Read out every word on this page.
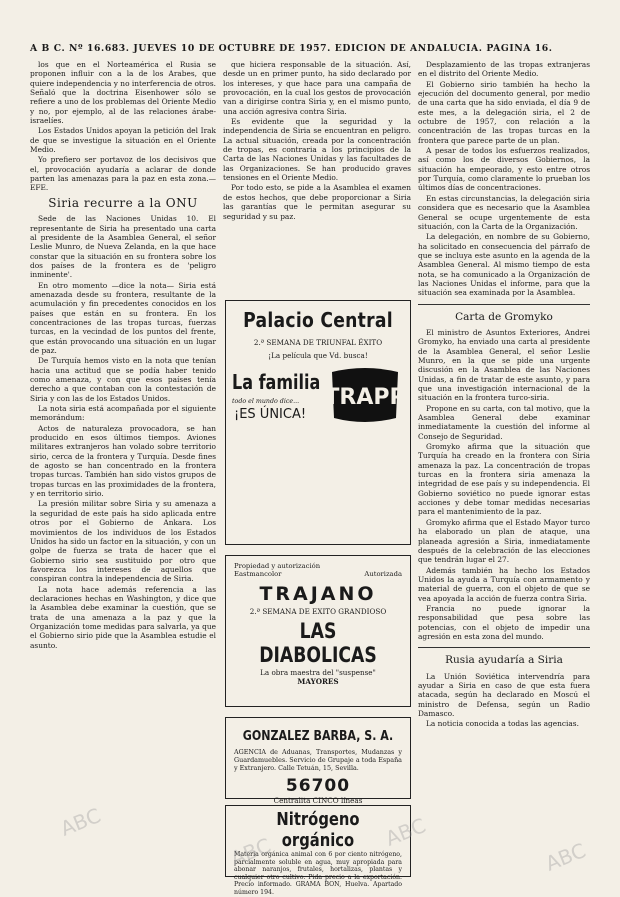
A B C. Nº 16.683. JUEVES 10 DE OCTUBRE DE 1957. EDICION DE ANDALUCIA. PAGINA 16.

los que en el Norteamérica el Rusia se proponen influir con a la de los Arabes, que quiere independencia y no interferencia de otros. Señaló que la doctrina Eisenhower sólo se refiere a uno de los problemas del Oriente Medio y no, por ejemplo, al de las relaciones árabe-israelíes.

Los Estados Unidos apoyan la petición del Irak de que se investigue la situación en el Oriente Medio.

Yo prefiero ser portavoz de los decisivos que el, provocación ayudaría a aclarar de donde parten las amenazas para la paz en esta zona.—EFE.

Siria recurre a la ONU

Sede de las Naciones Unidas 10. El representante de Siria ha presentado una carta al presidente de la Asamblea General, el señor Leslie Munro, de Nueva Zelanda, en la que hace constar que la situación en su frontera sobre los dos países de la frontera es de 'peligro inminente'.

En otro momento —dice la nota— Siria está amenazada desde su frontera, resultante de la acumulación y fin precedentes conocidos en los países que están en su frontera. En los concentraciones de las tropas turcas, fuerzas turcas, en la vecindad de los puntos del frente, que están provocando una situación en un lugar de paz.

De Turquía hemos visto en la nota que tenían hacia una actitud que se podía haber tenido como amenaza, y con que esos países tenía derecho a que contaban con la contestación de Siria y con las de los Estados Unidos.

La nota siria está acompañada por el siguiente memorándum:

Actos de naturaleza provocadora, se han producido en esos últimos tiempos. Aviones militares extranjeros han volado sobre territorio sirio, cerca de la frontera y Turquía. Desde fines de agosto se han concentrado en la frontera tropas turcas. También han sido vistos grupos de tropas turcas en las proximidades de la frontera, y en territorio sirio.

La presión militar sobre Siria y su amenaza a la seguridad de este país ha sido aplicada entre otros por el Gobierno de Ankara. Los movimientos de los individuos de los Estados Unidos ha sido un factor en la situación, y con un golpe de fuerza se trata de hacer que el Gobierno sirio sea sustituido por otro que favorezca los intereses de aquellos que conspiran contra la independencia de Siria.

La nota hace además referencia a las declaraciones hechas en Washington, y dice que la Asamblea debe examinar la cuestión, que se trata de una amenaza a la paz y que la Organización tome medidas para salvarla, ya que el Gobierno sirio pide que la Asamblea estudie el asunto.

que hiciera responsable de la situación. Así, desde un en primer punto, ha sido declarado por los intereses, y que hace para una campaña de provocación, en la cual los gestos de provocación van a dirigirse contra Siria y, en el mismo punto, una acción agresiva contra Siria.

Es evidente que la seguridad y la independencia de Siria se encuentran en peligro. La actual situación, creada por la concentración de tropas, es contraria a los principios de la Carta de las Naciones Unidas y las facultades de las Organizaciones. Se han producido graves tensiones en el Oriente Medio.

Por todo esto, se pide a la Asamblea el examen de estos hechos, que debe proporcionar a Siria las garantías que le permitan asegurar su seguridad y su paz.

Palacio Central
2.ª SEMANA DE TRIUNFAL ÉXITO
¡La película que Vd. busca!
La familia
todo el mundo dice...
¡ES ÚNICA!
TRAPP
Propiedad y autorización
Eastmancolor	Autorizada
TRAJANO
2.ª SEMANA DE EXITO GRANDIOSO
LAS DIABOLICAS
La obra maestra del "suspense"
MAYORES
GONZALEZ BARBA, S. A.
AGENCIA de Aduanas, Transportes, Mudanzas y Guardamuebles. Servicio de Grupaje a toda España y Extranjero. Calle Tetuán, 15, Sevilla.
56700
Centralita CINCO líneas
Nitrógeno orgánico
Materia orgánica animal con 6 por ciento nitrógeno, parcialmente soluble en agua, muy apropiada para abonar naranjos, frutales, hortalizas, plantas y cualquier otro cultivo. Pida precio a la exportación. Precio informado. GRAMA BON, Huelva. Apartado número 194.

Desplazamiento de las tropas extranjeras en el distrito del Oriente Medio.

El Gobierno sirio también ha hecho la ejecución del documento general, por medio de una carta que ha sido enviada, el día 9 de este mes, a la delegación siria, el 2 de octubre de 1957, con relación a la concentración de las tropas turcas en la frontera que parece parte de un plan.

A pesar de todos los esfuerzos realizados, así como los de diversos Gobiernos, la situación ha empeorado, y esto entre otros por Turquía, como claramente lo prueban los últimos días de concentraciones.

En estas circunstancias, la delegación siria considera que es necesario que la Asamblea General se ocupe urgentemente de esta situación, con la Carta de la Organización.

La delegación, en nombre de su Gobierno, ha solicitado en consecuencia del párrafo de que se incluya este asunto en la agenda de la Asamblea General. Al mismo tiempo de esta nota, se ha comunicado a la Organización de las Naciones Unidas el informe, para que la situación sea examinada por la Asamblea.

Carta de Gromyko

El ministro de Asuntos Exteriores, Andrei Gromyko, ha enviado una carta al presidente de la Asamblea General, el señor Leslie Munro, en la que se pide una urgente discusión en la Asamblea de las Naciones Unidas, a fin de tratar de este asunto, y para que una investigación internacional de la situación en la frontera turco-siria.

Propone en su carta, con tal motivo, que la Asamblea General debe examinar inmediatamente la cuestión del informe al Consejo de Seguridad.

Gromyko afirma que la situación que Turquía ha creado en la frontera con Siria amenaza la paz. La concentración de tropas turcas en la frontera siria amenaza la integridad de ese país y su independencia. El Gobierno soviético no puede ignorar estas acciones y debe tomar medidas necesarias para el mantenimiento de la paz.

Gromyko afirma que el Estado Mayor turco ha elaborado un plan de ataque, una planeada agresión a Siria, inmediatamente después de la celebración de las elecciones que tendrán lugar el 27.

Además también ha hecho los Estados Unidos la ayuda a Turquía con armamento y material de guerra, con el objeto de que se vea apoyada la acción de fuerza contra Siria.

Francia no puede ignorar la responsabilidad que pesa sobre las potencias, con el objeto de impedir una agresión en esta zona del mundo.

Rusia ayudaría a Siria

La Unión Soviética intervendría para ayudar a Siria en caso de que esta fuera atacada, según ha declarado en Moscú el ministro de Defensa, según un Radio Damasco.

La noticia conocida a todas las agencias.

ABC
ABC
ABC
ABC
